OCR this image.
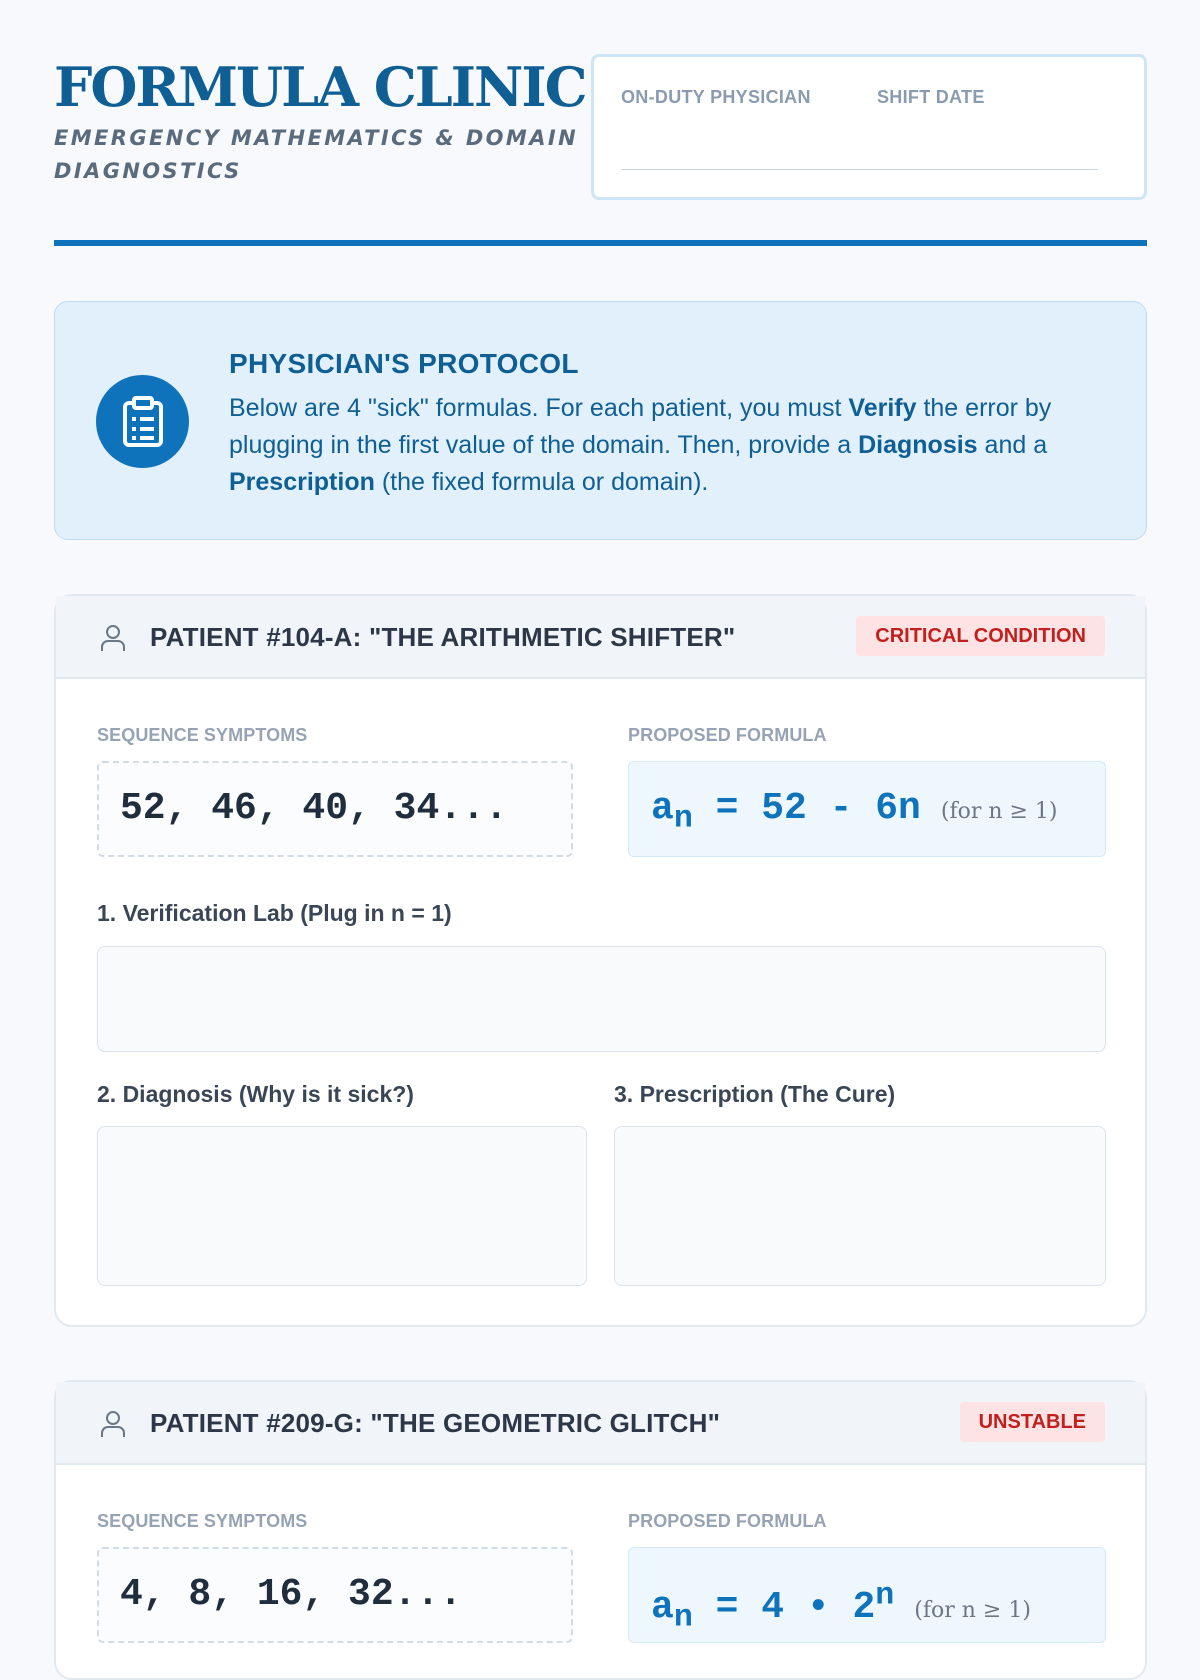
FORMULA CLINIC
EMERGENCY MATHEMATICS & DOMAIN DIAGNOSTICS
ON-DUTY PHYSICIAN	SHIFT DATE
PHYSICIAN'S PROTOCOL
Below are 4 "sick" formulas. For each patient, you must Verify the error by plugging in the first value of the domain. Then, provide a Diagnosis and a Prescription (the fixed formula or domain).
PATIENT #104-A: "THE ARITHMETIC SHIFTER"	CRITICAL CONDITION
SEQUENCE SYMPTOMS	PROPOSED FORMULA
52, 46, 40, 34...	$a_n = 52 - 6n$ (for n ≥ 1)
1. Verification Lab (Plug in n = 1)
2. Diagnosis (Why is it sick?)	3. Prescription (The Cure)
PATIENT #209-G: "THE GEOMETRIC GLITCH"	UNSTABLE
SEQUENCE SYMPTOMS	PROPOSED FORMULA
4, 8, 16, 32...	$a_n = 4$ • 2$^n$ (for n ≥ 1)
